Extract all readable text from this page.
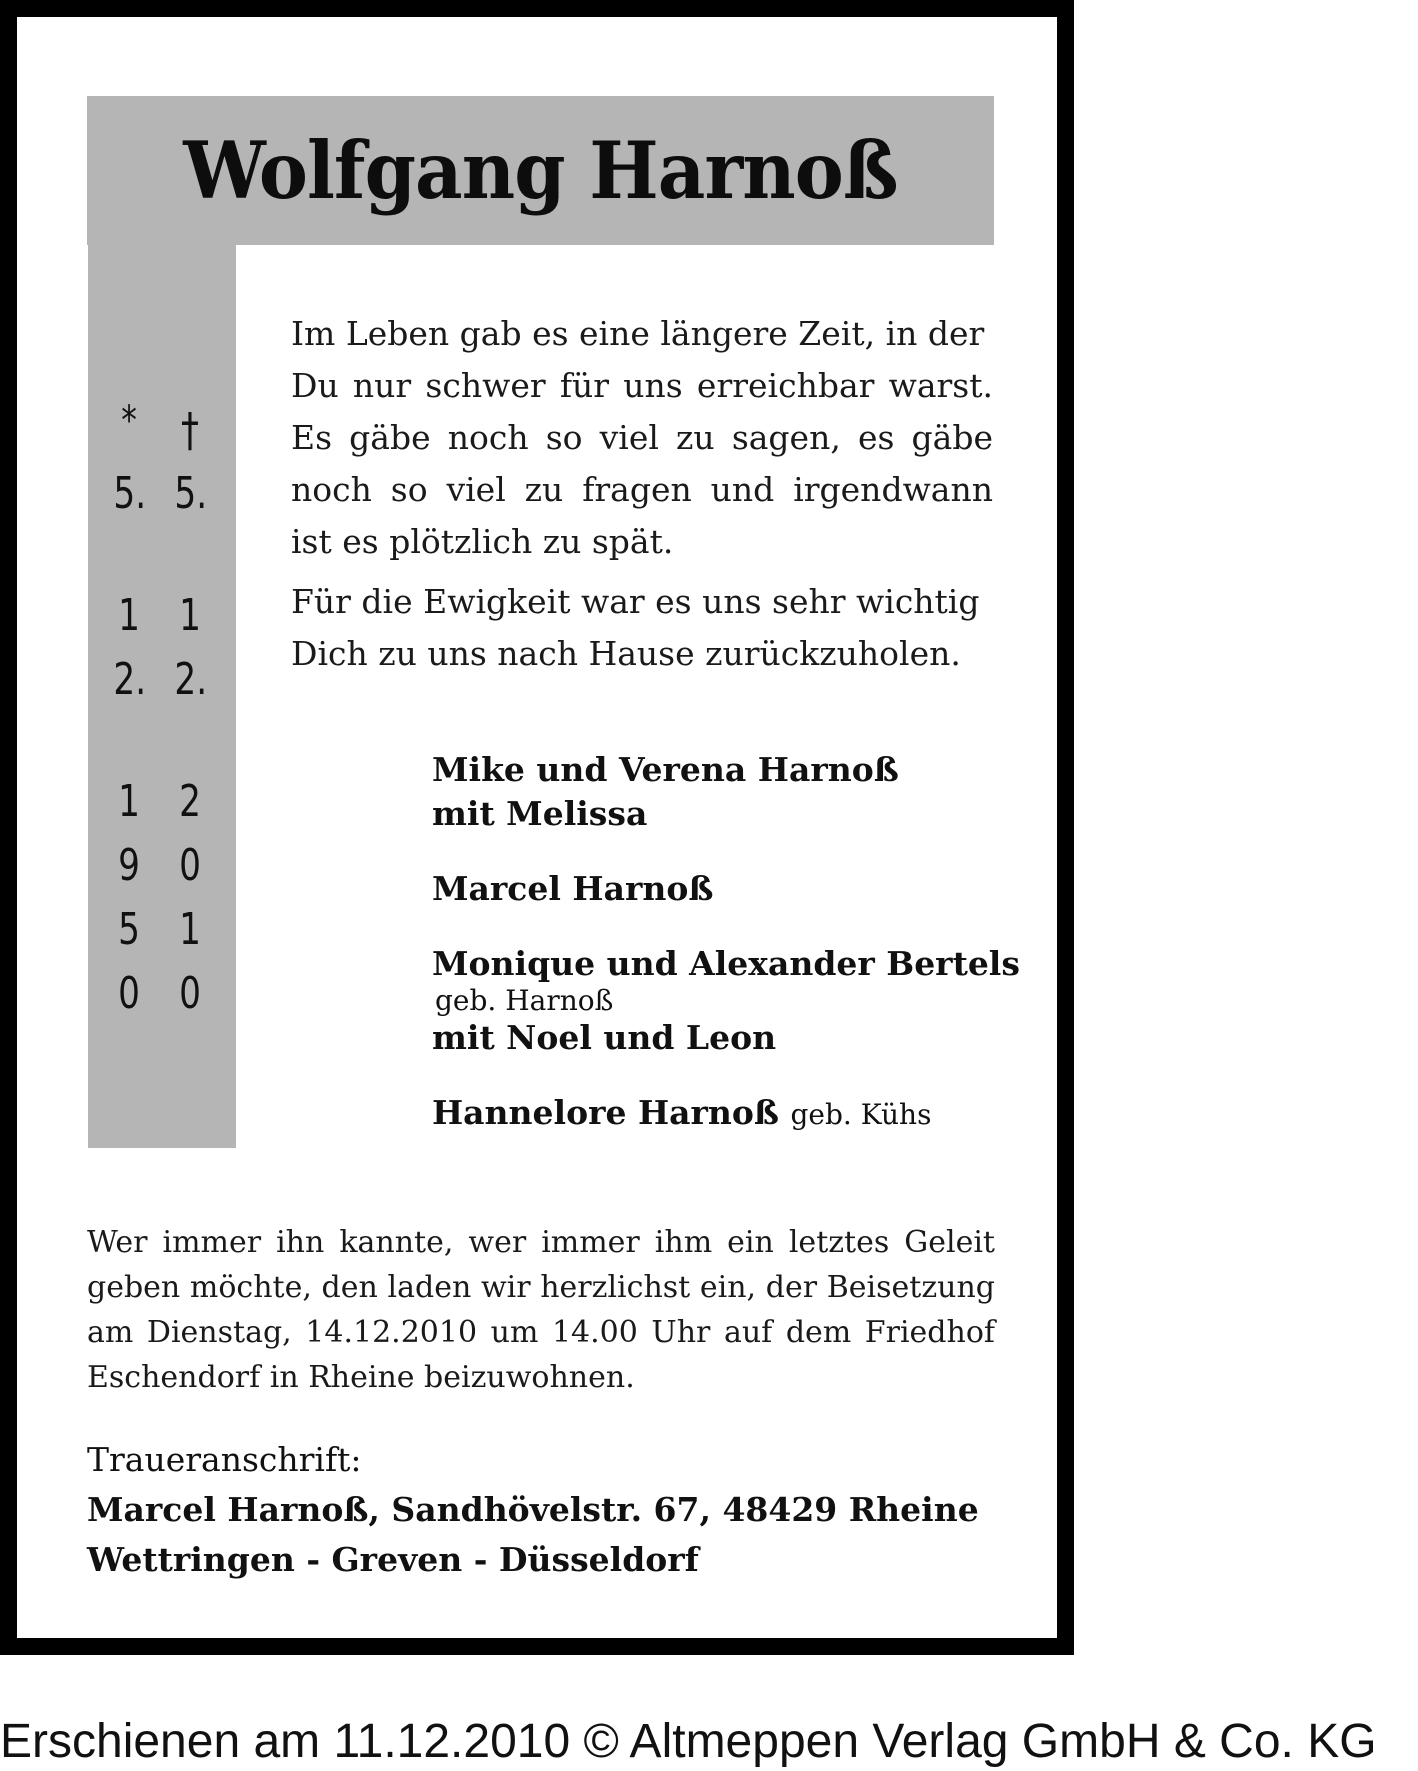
Wolfgang Harnoß
*
5.
1
2.
1
9
5
0
†
5.
1
2.
2
0
1
0

Im Leben gab es eine längere Zeit, in der
Du nur schwer für uns erreichbar warst.
Es gäbe noch so viel zu sagen, es gäbe
noch so viel zu fragen und irgendwann
ist es plötzlich zu spät.

Für die Ewigkeit war es uns sehr wichtig
Dich zu uns nach Hause zurückzuholen.

Mike und Verena Harnoß
mit Melissa
Marcel Harnoß
Monique und Alexander Bertels
geb. Harnoß
mit Noel und Leon
Hannelore Harnoß geb. Kühs
Wer immer ihn kannte, wer immer ihm ein letztes Geleit
geben möchte, den laden wir herzlichst ein, der Beisetzung
am Dienstag, 14.12.2010 um 14.00 Uhr auf dem Friedhof
Eschendorf in Rheine beizuwohnen.
Traueranschrift:
Marcel Harnoß, Sandhövelstr. 67, 48429 Rheine
Wettringen - Greven - Düsseldorf
Erschienen am 11.12.2010 © Altmeppen Verlag GmbH & Co. KG
